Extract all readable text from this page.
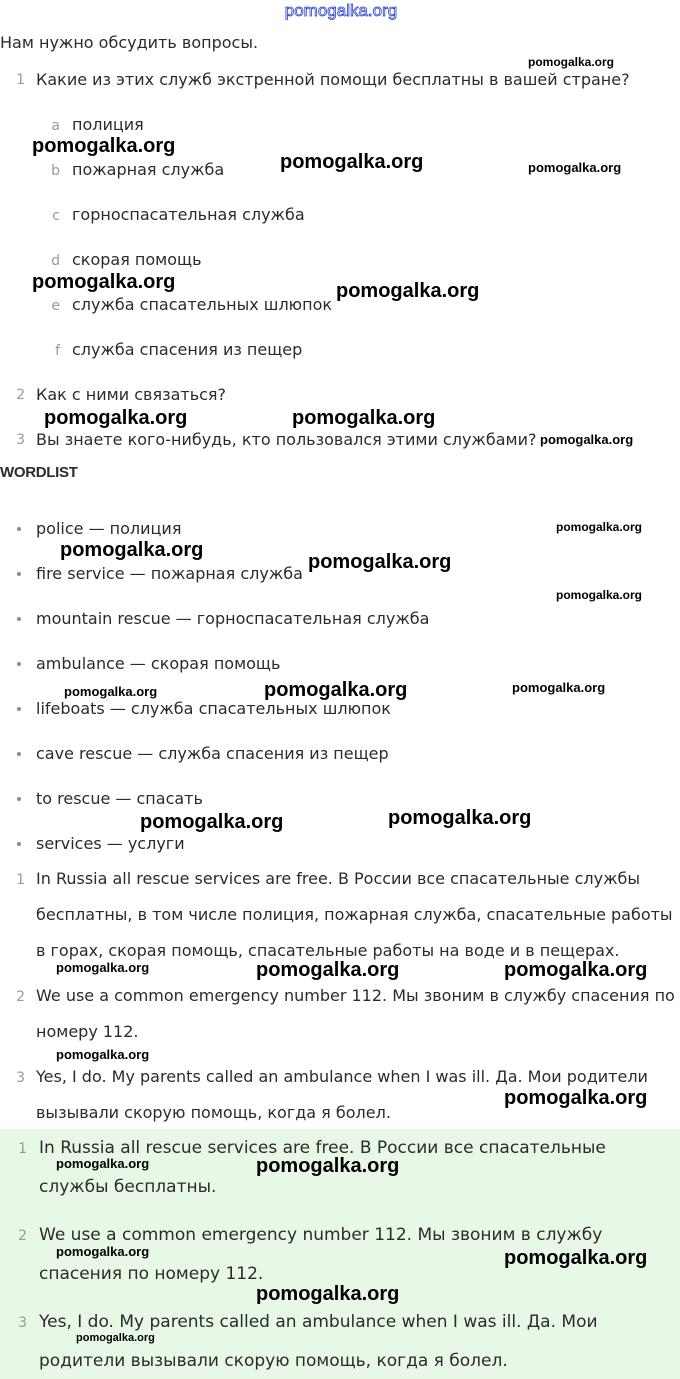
pomogalka.org
Нам нужно обсудить вопросы.
1 Какие из этих служб экстренной помощи бесплатны в вашей стране?
a полиция
b пожарная служба
c горноспасательная служба
d скорая помощь
e служба спасательных шлюпок
f служба спасения из пещер
2 Как с ними связаться?
3 Вы знаете кого-нибудь, кто пользовался этими службами?
WORDLIST
police — полиция
fire service — пожарная служба
mountain rescue — горноспасательная служба
ambulance — скорая помощь
lifeboats — служба спасательных шлюпок
cave rescue — служба спасения из пещер
to rescue — спасать
services — услуги
1 In Russia all rescue services are free. В России все спасательные службы
бесплатны, в том числе полиция, пожарная служба, спасательные работы
в горах, скорая помощь, спасательные работы на воде и в пещерах.
2 We use a common emergency number 112. Мы звоним в службу спасения по
номеру 112.
3 Yes, I do. My parents called an ambulance when I was ill. Да. Мои родители
вызывали скорую помощь, когда я болел.
1 In Russia all rescue services are free. В России все спасательные
службы бесплатны.
2 We use a common emergency number 112. Мы звоним в службу
спасения по номеру 112.
3 Yes, I do. My parents called an ambulance when I was ill. Да. Мои
родители вызывали скорую помощь, когда я болел.
pomogalka.org
pomogalka.org
pomogalka.org	pomogalka.org
pomogalka.org	pomogalka.org
pomogalka.org	pomogalka.org
pomogalka.org
pomogalka.org
pomogalka.org
pomogalka.org
pomogalka.org
pomogalka.org	pomogalka.org	pomogalka.org
pomogalka.org	pomogalka.org
pomogalka.org	pomogalka.org	pomogalka.org
pomogalka.org
pomogalka.org
pomogalka.org	pomogalka.org
pomogalka.org	pomogalka.org
pomogalka.org
pomogalka.org
